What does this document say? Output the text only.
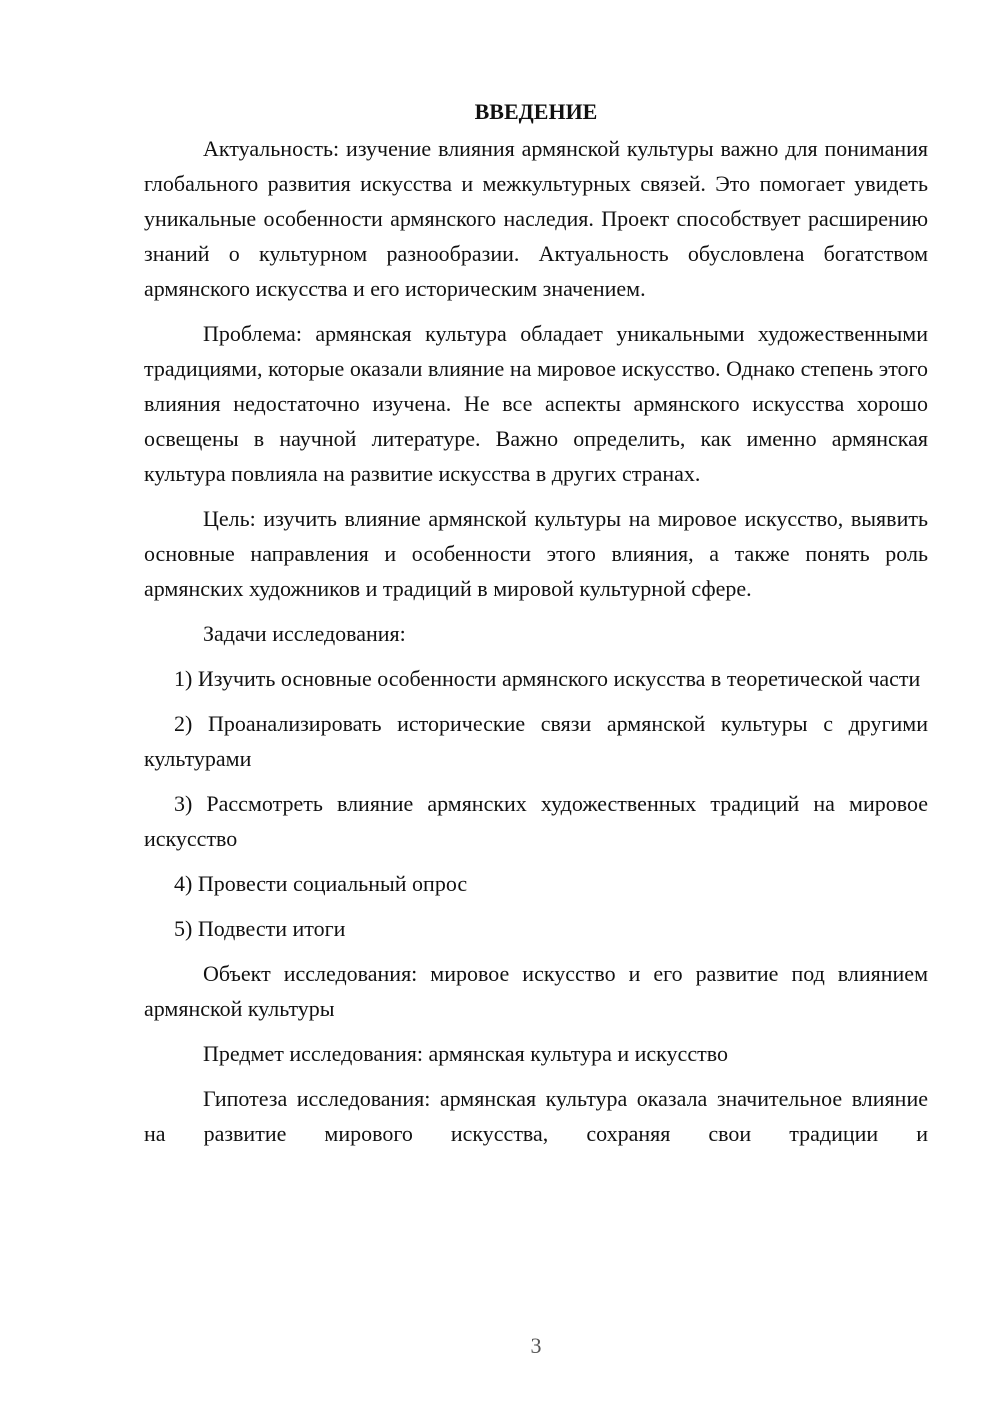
ВВЕДЕНИЕ

Актуальность: изучение влияния армянской культуры важно для понимания глобального развития искусства и межкультурных связей. Это помогает увидеть уникальные особенности армянского наследия. Проект способствует расширению знаний о культурном разнообразии. Актуальность обусловлена богатством армянского искусства и его историческим значением.

Проблема: армянская культура обладает уникальными художественными традициями, которые оказали влияние на мировое искусство. Однако степень этого влияния недостаточно изучена. Не все аспекты армянского искусства хорошо освещены в научной литературе. Важно определить, как именно армянская культура повлияла на развитие искусства в других странах.

Цель: изучить влияние армянской культуры на мировое искусство, выявить основные направления и особенности этого влияния, а также понять роль армянских художников и традиций в мировой культурной сфере.

Задачи исследования:

1) Изучить основные особенности армянского искусства в теоретической части

2) Проанализировать исторические связи армянской культуры с другими культурами

3) Рассмотреть влияние армянских художественных традиций на мировое искусство

4) Провести социальный опрос

5) Подвести итоги

Объект исследования: мировое искусство и его развитие под влиянием армянской культуры

Предмет исследования: армянская культура и искусство

Гипотеза исследования: армянская культура оказала значительное влияние на развитие мирового искусства, сохраняя свои традиции и

3
